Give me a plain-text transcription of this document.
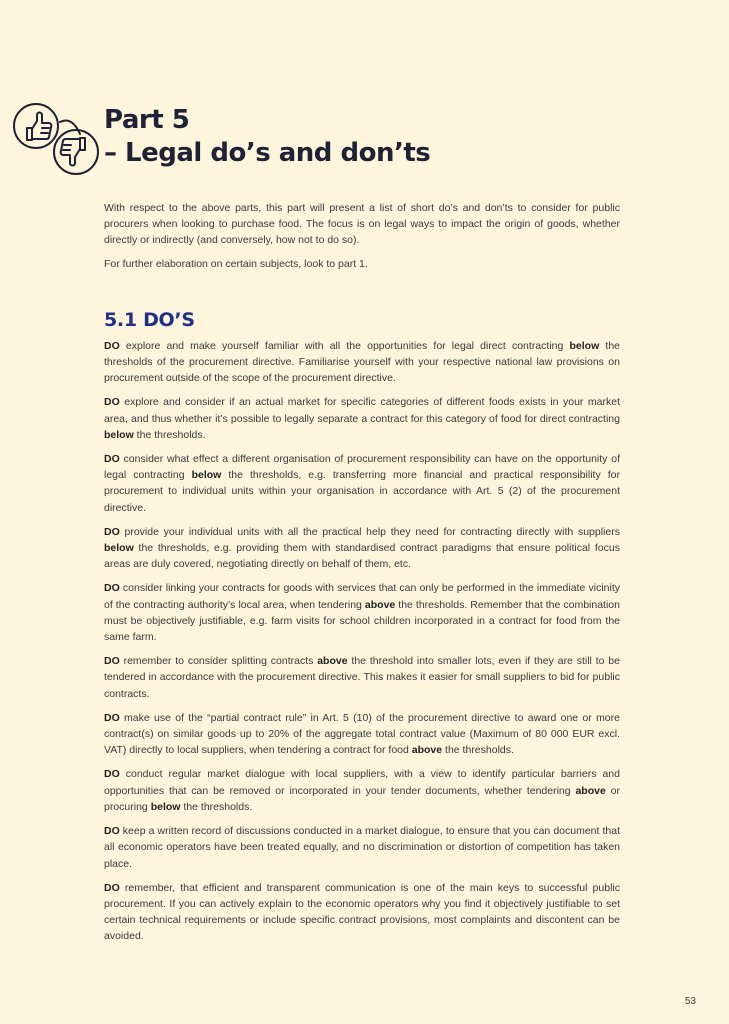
Part 5
– Legal do’s and don’ts

With respect to the above parts, this part will present a list of short do’s and don’ts to consider for public procurers when looking to purchase food. The focus is on legal ways to impact the origin of goods, whether directly or indirectly (and conversely, how not to do so).

For further elaboration on certain subjects, look to part 1.

5.1 DO’S

DO explore and make yourself familiar with all the opportunities for legal direct contracting below the thresholds of the procurement directive. Familiarise yourself with your respective national law provisions on procurement outside of the scope of the procurement directive.

DO explore and consider if an actual market for specific categories of different foods exists in your market area, and thus whether it’s possible to legally separate a contract for this category of food for direct contracting below the thresholds.

DO consider what effect a different organisation of procurement responsibility can have on the opportunity of legal contracting below the thresholds, e.g. transferring more financial and practical responsibility for procurement to individual units within your organisation in accordance with Art. 5 (2) of the procurement directive.

DO provide your individual units with all the practical help they need for contracting directly with suppliers below the thresholds, e.g. providing them with standardised contract paradigms that ensure political focus areas are duly covered, negotiating directly on behalf of them, etc.

DO consider linking your contracts for goods with services that can only be performed in the immediate vicinity of the contracting authority’s local area, when tendering above the thresholds. Remember that the combination must be objectively justifiable, e.g. farm visits for school children incorporated in a contract for food from the same farm.

DO remember to consider splitting contracts above the threshold into smaller lots, even if they are still to be tendered in accordance with the procurement directive. This makes it easier for small suppliers to bid for public contracts.

DO make use of the “partial contract rule” in Art. 5 (10) of the procurement directive to award one or more contract(s) on similar goods up to 20% of the aggregate total contract value (Maximum of 80 000 EUR excl. VAT) directly to local suppliers, when tendering a contract for food above the thresholds.

DO conduct regular market dialogue with local suppliers, with a view to identify particular barriers and opportunities that can be removed or incorporated in your tender documents, whether tendering above or procuring below the thresholds.

DO keep a written record of discussions conducted in a market dialogue, to ensure that you can document that all economic operators have been treated equally, and no discrimination or distortion of competition has taken place.

DO remember, that efficient and transparent communication is one of the main keys to successful public procurement. If you can actively explain to the economic operators why you find it objectively justifiable to set certain technical requirements or include specific contract provisions, most complaints and discontent can be avoided.

53
